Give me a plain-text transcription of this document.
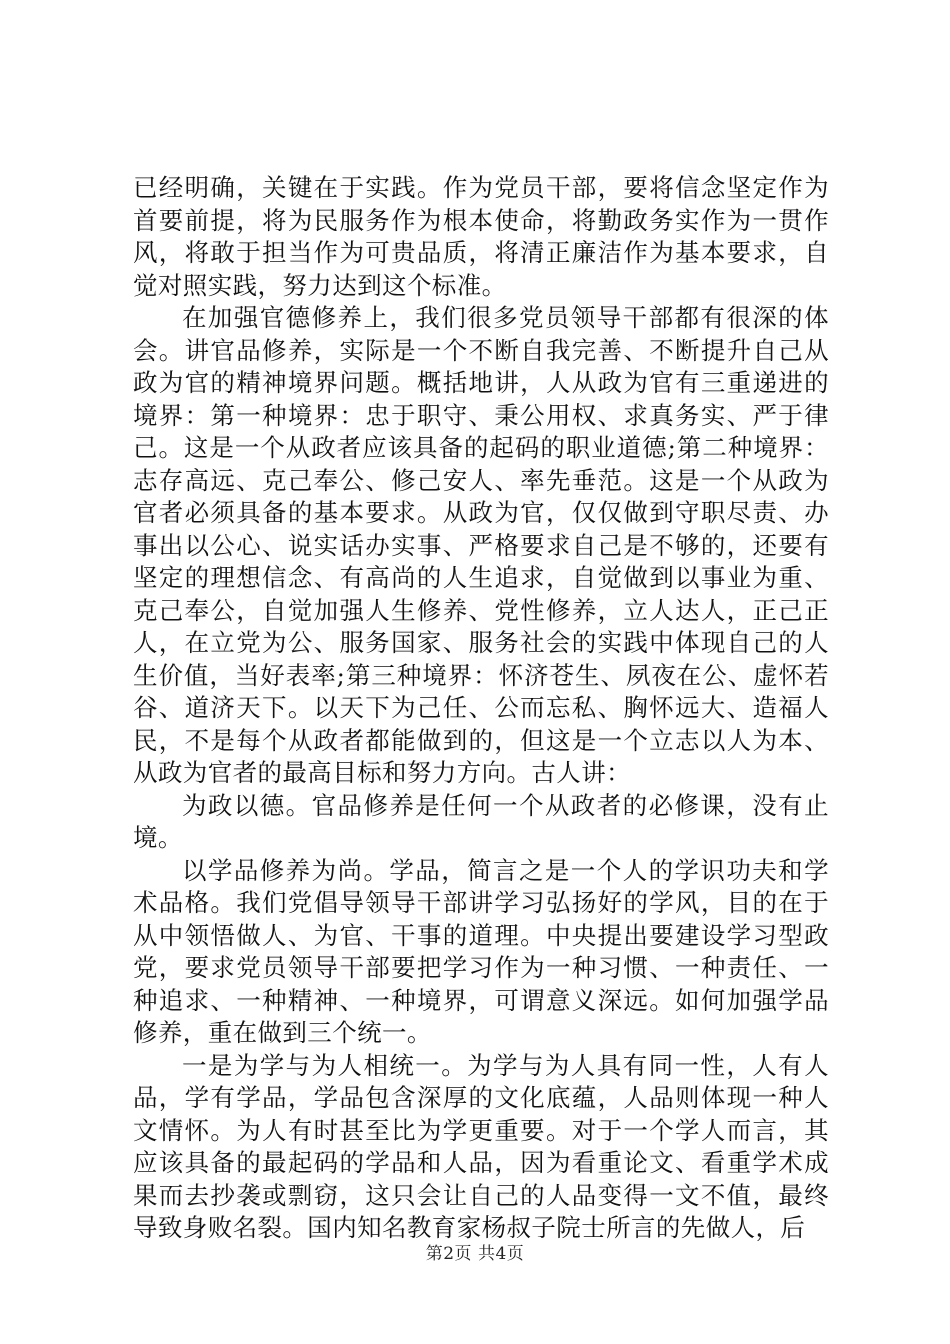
已经明确，关键在于实践。作为党员干部，要将信念坚定作为首要前提，将为民服务作为根本使命，将勤政务实作为一贯作风，将敢于担当作为可贵品质，将清正廉洁作为基本要求，自觉对照实践，努力达到这个标准。

在加强官德修养上，我们很多党员领导干部都有很深的体会。讲官品修养，实际是一个不断自我完善、不断提升自己从政为官的精神境界问题。概括地讲，人从政为官有三重递进的境界：第一种境界：忠于职守、秉公用权、求真务实、严于律己。这是一个从政者应该具备的起码的职业道德;第二种境界：志存高远、克己奉公、修己安人、率先垂范。这是一个从政为官者必须具备的基本要求。从政为官，仅仅做到守职尽责、办事出以公心、说实话办实事、严格要求自己是不够的，还要有坚定的理想信念、有高尚的人生追求，自觉做到以事业为重、克己奉公，自觉加强人生修养、党性修养，立人达人，正己正人，在立党为公、服务国家、服务社会的实践中体现自己的人生价值，当好表率;第三种境界：怀济苍生、夙夜在公、虚怀若谷、道济天下。以天下为己任、公而忘私、胸怀远大、造福人民，不是每个从政者都能做到的，但这是一个立志以人为本、从政为官者的最高目标和努力方向。古人讲：

为政以德。官品修养是任何一个从政者的必修课，没有止境。

以学品修养为尚。学品，简言之是一个人的学识功夫和学术品格。我们党倡导领导干部讲学习弘扬好的学风，目的在于从中领悟做人、为官、干事的道理。中央提出要建设学习型政党，要求党员领导干部要把学习作为一种习惯、一种责任、一种追求、一种精神、一种境界，可谓意义深远。如何加强学品修养，重在做到三个统一。

一是为学与为人相统一。为学与为人具有同一性，人有人品，学有学品，学品包含深厚的文化底蕴，人品则体现一种人文情怀。为人有时甚至比为学更重要。对于一个学人而言，其应该具备的最起码的学品和人品，因为看重论文、看重学术成果而去抄袭或剽窃，这只会让自己的人品变得一文不值，最终导致身败名裂。国内知名教育家杨叔子院士所言的先做人，后

第2页 共4页
